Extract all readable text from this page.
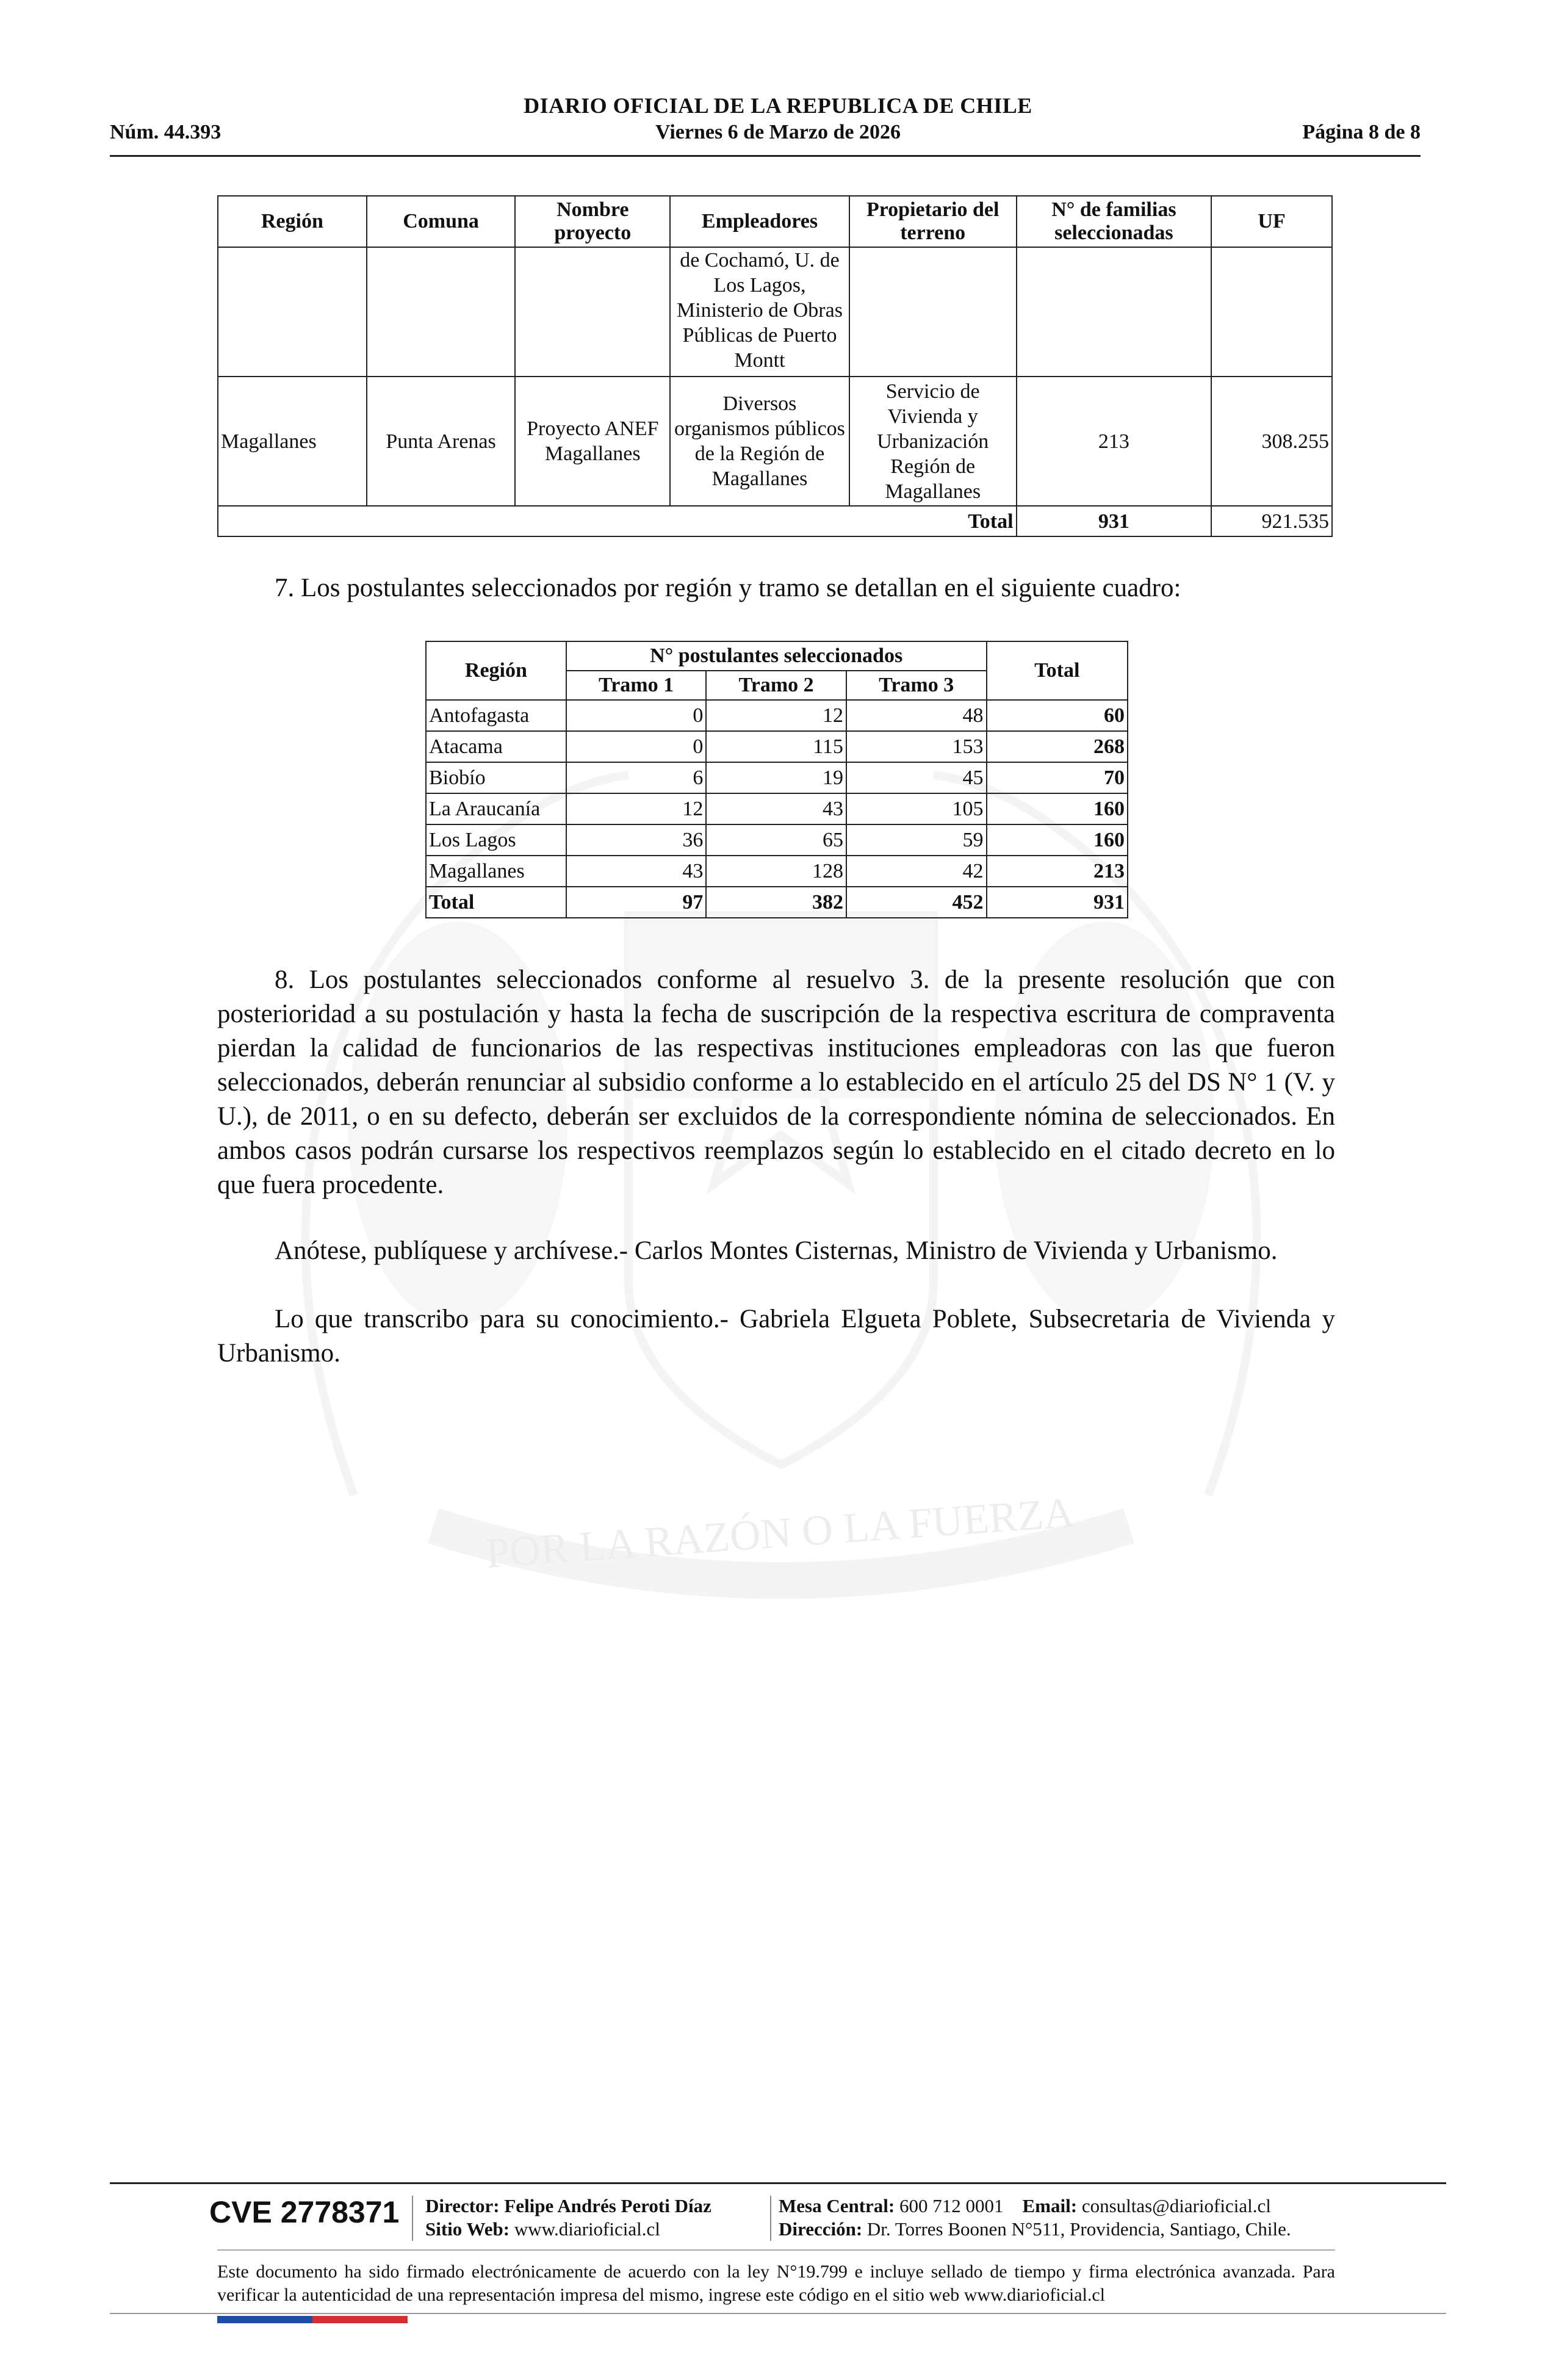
POR LA RAZÓN O LA FUERZA
DIARIO OFICIAL DE LA REPUBLICA DE CHILE
Núm. 44.393	Viernes 6 de Marzo de 2026	Página 8 de 8
Región	Comuna	Nombre proyecto	Empleadores	Propietario del terreno	N° de familias seleccionadas	UF
			de Cochamó, U. de Los Lagos, Ministerio de Obras Públicas de Puerto Montt			
Magallanes	Punta Arenas	Proyecto ANEF Magallanes	Diversos organismos públicos de la Región de Magallanes	Servicio de Vivienda y Urbanización Región de Magallanes	213	308.255
Total					931	921.535
7. Los postulantes seleccionados por región y tramo se detallan en el siguiente cuadro:
Región	N° postulantes seleccionados			Total
	Tramo 1	Tramo 2	Tramo 3	
Antofagasta	0	12	48	60
Atacama	0	115	153	268
Biobío	6	19	45	70
La Araucanía	12	43	105	160
Los Lagos	36	65	59	160
Magallanes	43	128	42	213
Total	97	382	452	931
8. Los postulantes seleccionados conforme al resuelvo 3. de la presente resolución que con posterioridad a su postulación y hasta la fecha de suscripción de la respectiva escritura de compraventa pierdan la calidad de funcionarios de las respectivas instituciones empleadoras con las que fueron seleccionados, deberán renunciar al subsidio conforme a lo establecido en el artículo 25 del DS N° 1 (V. y U.), de 2011, o en su defecto, deberán ser excluidos de la correspondiente nómina de seleccionados. En ambos casos podrán cursarse los respectivos reemplazos según lo establecido en el citado decreto en lo que fuera procedente.
Anótese, publíquese y archívese.- Carlos Montes Cisternas, Ministro de Vivienda y Urbanismo.
Lo que transcribo para su conocimiento.- Gabriela Elgueta Poblete, Subsecretaria de Vivienda y Urbanismo.
CVE 2778371 Director: Felipe Andrés Peroti Díaz
Sitio Web: www.diarioficial.cl
Mesa Central: 600 712 0001 Email: consultas@diarioficial.cl
Dirección: Dr. Torres Boonen N°511, Providencia, Santiago, Chile.
Este documento ha sido firmado electrónicamente de acuerdo con la ley N°19.799 e incluye sellado de tiempo y firma electrónica avanzada. Para verificar la autenticidad de una representación impresa del mismo, ingrese este código en el sitio web www.diarioficial.cl
